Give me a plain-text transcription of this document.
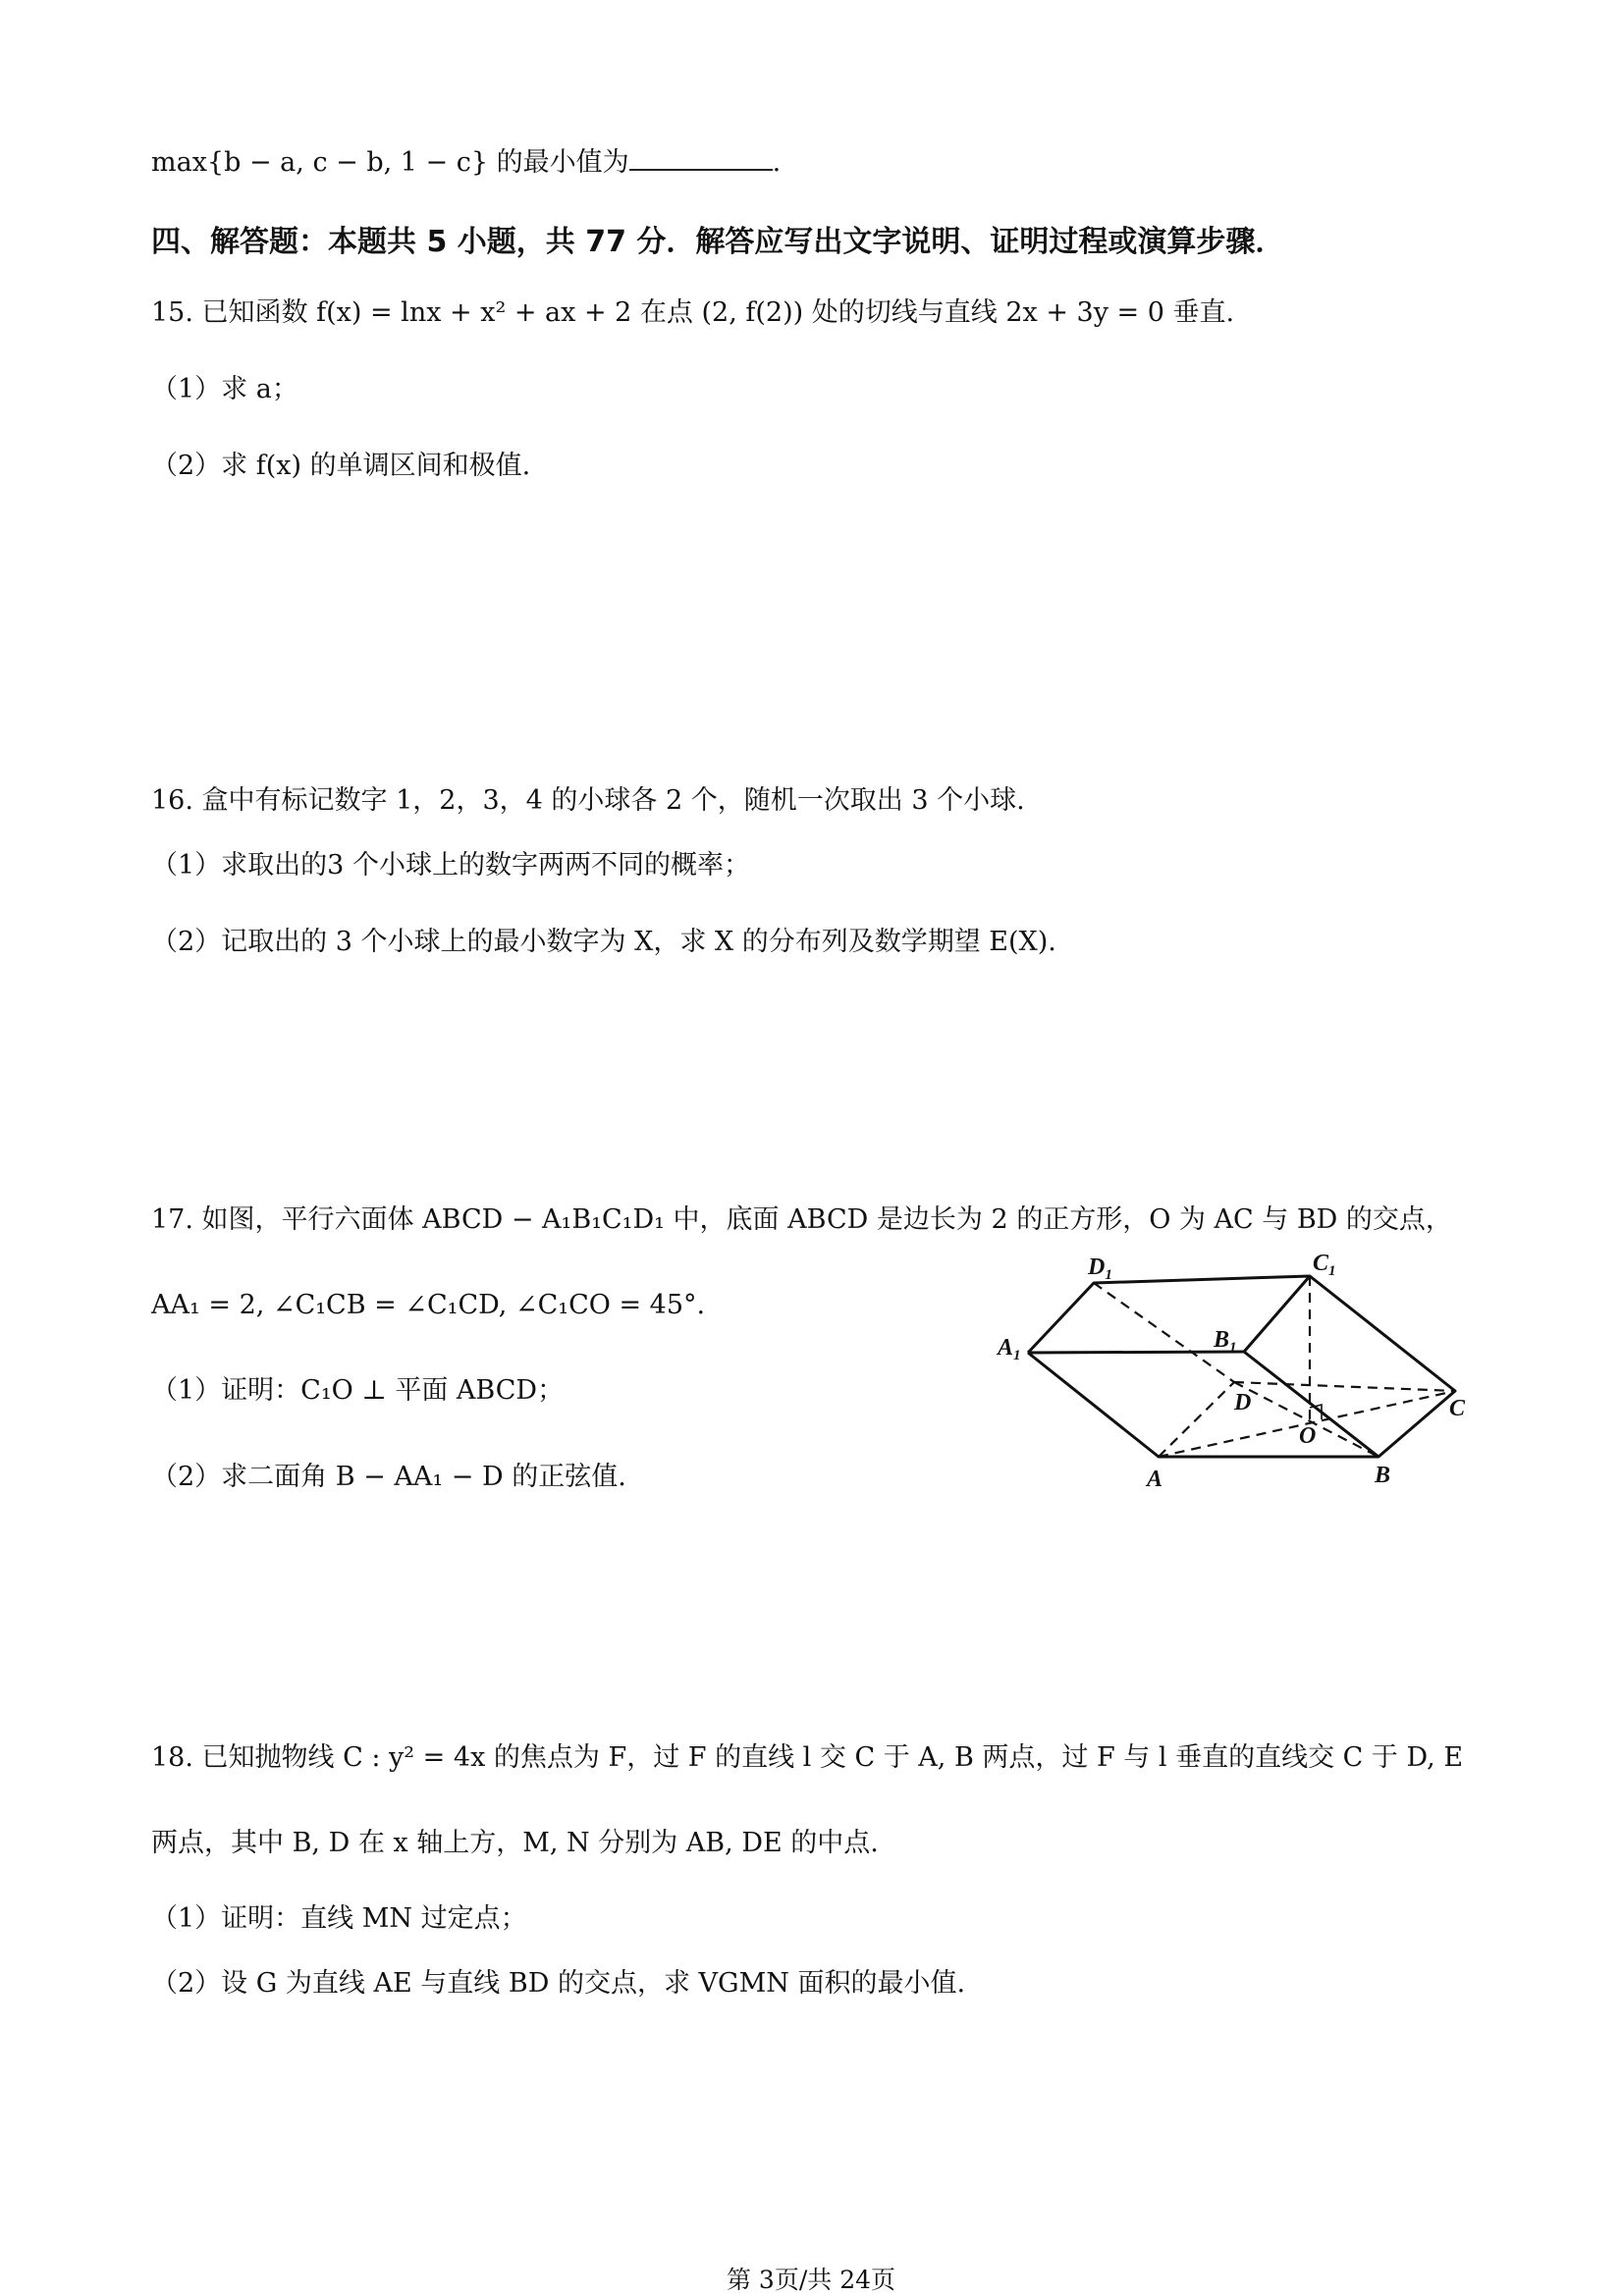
max{b − a, c − b, 1 − c} 的最小值为	.
四、解答题：本题共 5 小题，共 77 分．解答应写出文字说明、证明过程或演算步骤．
15. 已知函数 f(x) = lnx + x² + ax + 2 在点 (2, f(2)) 处的切线与直线 2x + 3y = 0 垂直.
（1）求 a；
（2）求 f(x) 的单调区间和极值.
16. 盒中有标记数字 1，2，3，4 的小球各 2 个，随机一次取出 3 个小球.
（1）求取出的3 个小球上的数字两两不同的概率；
（2）记取出的 3 个小球上的最小数字为 X，求 X 的分布列及数学期望 E(X).
17. 如图，平行六面体 ABCD − A₁B₁C₁D₁ 中，底面 ABCD 是边长为 2 的正方形，O 为 AC 与 BD 的交点，
AA₁ = 2, ∠C₁CB = ∠C₁CD, ∠C₁CO = 45°.
（1）证明：C₁O ⊥ 平面 ABCD；
（2）求二面角 B − AA₁ − D 的正弦值.
$D_1$	$C_1$
$A_1$
$B_1$
D	C
O
A	B
18. 已知抛物线 C : y² = 4x 的焦点为 F，过 F 的直线 l 交 C 于 A, B 两点，过 F 与 l 垂直的直线交 C 于 D, E
两点，其中 B, D 在 x 轴上方，M, N 分别为 AB, DE 的中点.
（1）证明：直线 MN 过定点；
（2）设 G 为直线 AE 与直线 BD 的交点，求 VGMN 面积的最小值.
第 3页/共 24页
